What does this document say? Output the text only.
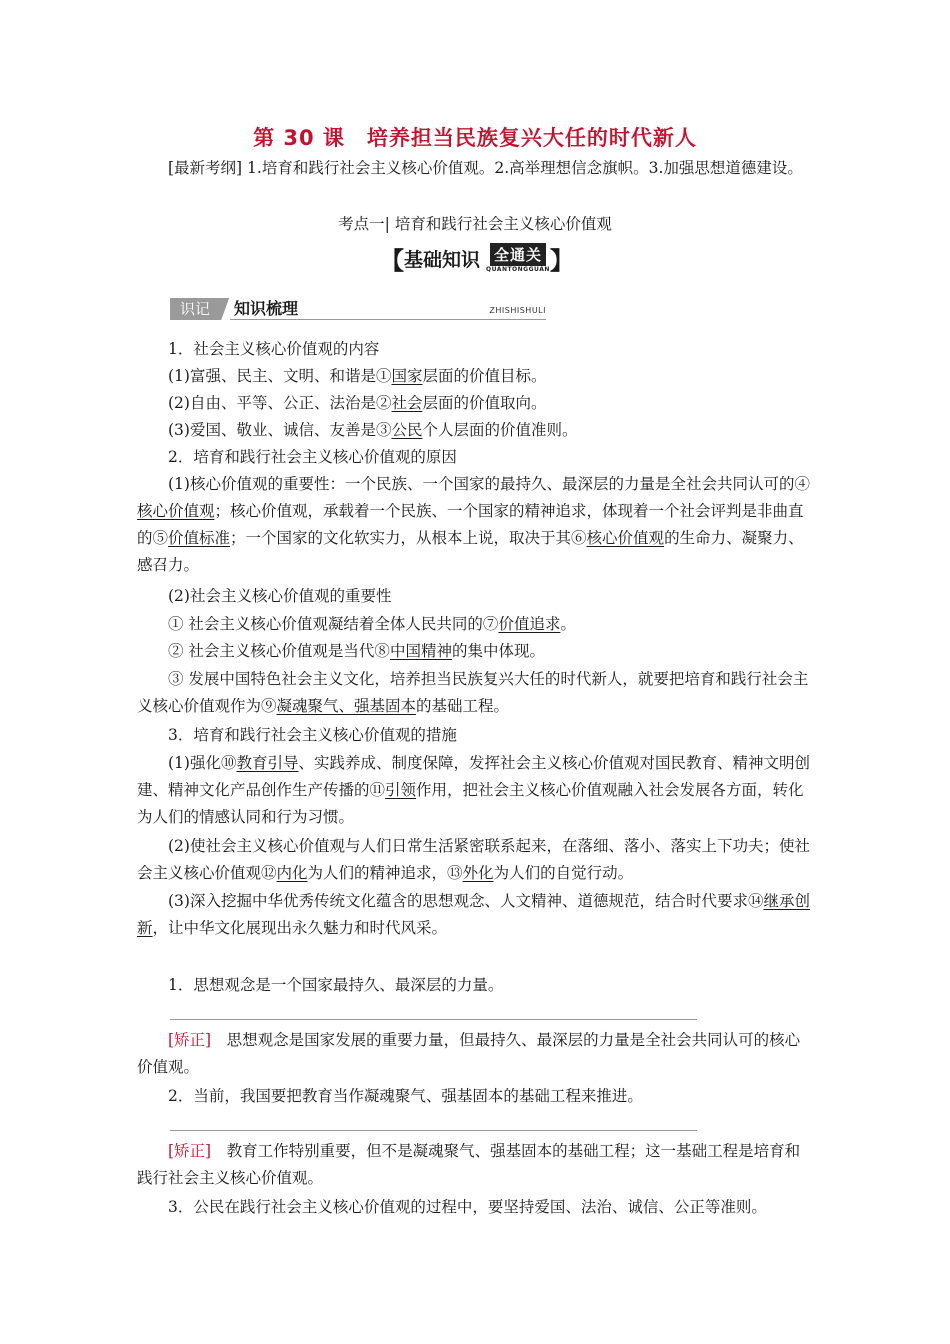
第 30 课　培养担当民族复兴大任的时代新人
[最新考纲] 1.培育和践行社会主义核心价值观。2.高举理想信念旗帜。3.加强思想道德建设。
考点一| 培育和践行社会主义核心价值观
【 基础知识 全通关
QUANTONGGUAN 】
识记	知识梳理	ZHISHISHULI
1．社会主义核心价值观的内容
(1)富强、民主、文明、和谐是①国家层面的价值目标。
(2)自由、平等、公正、法治是②社会层面的价值取向。
(3)爱国、敬业、诚信、友善是③公民个人层面的价值准则。
2．培育和践行社会主义核心价值观的原因
(1)核心价值观的重要性：一个民族、一个国家的最持久、最深层的力量是全社会共同认可的④核心价值观；核心价值观，承载着一个民族、一个国家的精神追求，体现着一个社会评判是非曲直的⑤价值标准；一个国家的文化软实力，从根本上说，取决于其⑥核心价值观的生命力、凝聚力、感召力。
(2)社会主义核心价值观的重要性
① 社会主义核心价值观凝结着全体人民共同的⑦价值追求。
② 社会主义核心价值观是当代⑧中国精神的集中体现。
③ 发展中国特色社会主义文化，培养担当民族复兴大任的时代新人，就要把培育和践行社会主义核心价值观作为⑨凝魂聚气、强基固本的基础工程。
3．培育和践行社会主义核心价值观的措施
(1)强化⑩教育引导、实践养成、制度保障，发挥社会主义核心价值观对国民教育、精神文明创建、精神文化产品创作生产传播的⑪引领作用，把社会主义核心价值观融入社会发展各方面，转化为人们的情感认同和行为习惯。
(2)使社会主义核心价值观与人们日常生活紧密联系起来，在落细、落小、落实上下功夫；使社会主义核心价值观⑫内化为人们的精神追求，⑬外化为人们的自觉行动。
(3)深入挖掘中华优秀传统文化蕴含的思想观念、人文精神、道德规范，结合时代要求⑭继承创新，让中华文化展现出永久魅力和时代风采。
1．思想观念是一个国家最持久、最深层的力量。
[矫正]　思想观念是国家发展的重要力量，但最持久、最深层的力量是全社会共同认可的核心价值观。
2．当前，我国要把教育当作凝魂聚气、强基固本的基础工程来推进。
[矫正]　教育工作特别重要，但不是凝魂聚气、强基固本的基础工程；这一基础工程是培育和践行社会主义核心价值观。
3．公民在践行社会主义核心价值观的过程中，要坚持爱国、法治、诚信、公正等准则。
